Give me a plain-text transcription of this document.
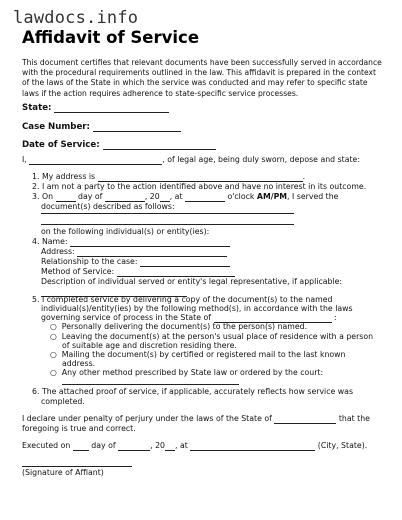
lawdocs.info
Affidavit of Service
This document certifies that relevant documents have been successfully served in accordance with the procedural requirements outlined in the law. This affidavit is prepared in the context of the laws of the State in which the service was conducted and may refer to specific state laws if the action requires adherence to state-specific service processes.
State:
Case Number:
Date of Service:
I,	, of legal age, being duly sworn, depose and state:
1. My address is	.
2. I am not a party to the action identified above and have no interest in its outcome.
3. On	day of	, 20 , at	o'clock AM/PM, I served the
document(s) described as follows:
on the following individual(s) or entity(ies):
4. Name:
Address:
Relationship to the case:
Method of Service:
Description of individual served or entity's legal representative, if applicable:
5. I completed service by delivering a copy of the document(s) to the named
individual(s)/entity(ies) by the following method(s), in accordance with the laws
governing service of process in the State of	:
○  Personally delivering the document(s) to the person(s) named.
○  Leaving the document(s) at the person's usual place of residence with a person
of suitable age and discretion residing there.
○  Mailing the document(s) by certified or registered mail to the last known
address.
○  Any other method prescribed by State law or ordered by the court:
6. The attached proof of service, if applicable, accurately reflects how service was
completed.
I declare under penalty of perjury under the laws of the State of	that the
foregoing is true and correct.
Executed on	day of	, 20 , at	(City, State).
(Signature of Affiant)
